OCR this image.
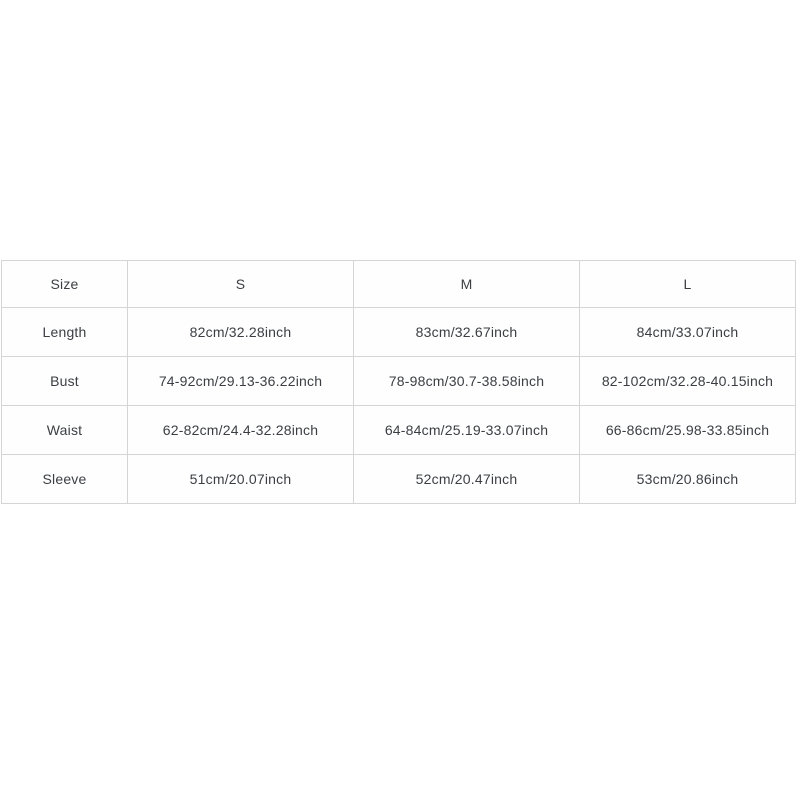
Size	S	M	L
Length	82cm/32.28inch	83cm/32.67inch	84cm/33.07inch
Bust	74-92cm/29.13-36.22inch	78-98cm/30.7-38.58inch	82-102cm/32.28-40.15inch
Waist	62-82cm/24.4-32.28inch	64-84cm/25.19-33.07inch	66-86cm/25.98-33.85inch
Sleeve	51cm/20.07inch	52cm/20.47inch	53cm/20.86inch
